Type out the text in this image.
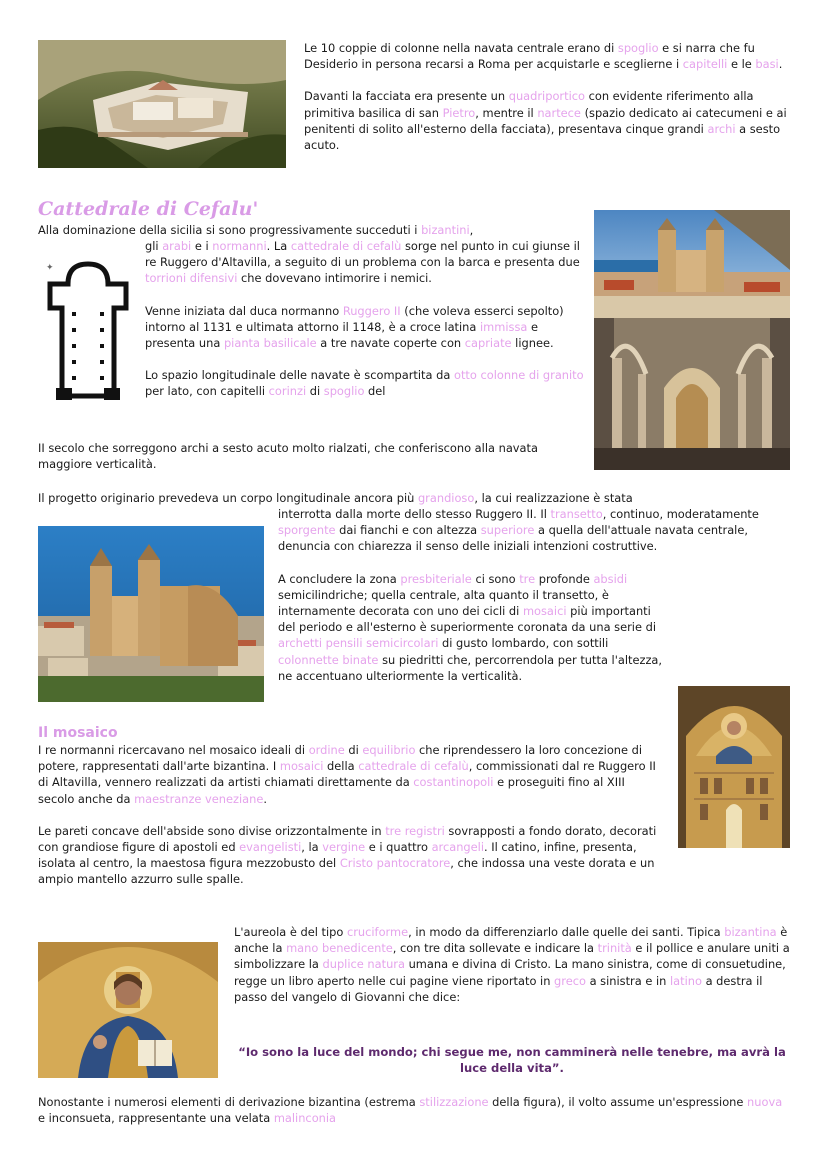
Le 10 coppie di colonne nella navata centrale erano di spoglio e si narra che fu Desiderio in persona recarsi a Roma per acquistarle e sceglierne i capitelli e le basi.

Davanti la facciata era presente un quadriportico con evidente riferimento alla primitiva basilica di san Pietro, mentre il nartece (spazio dedicato ai catecumeni e ai penitenti di solito all'esterno della facciata), presentava cinque grandi archi a sesto acuto.

Cattedrale di Cefalu'

Alla dominazione della sicilia si sono progressivamente succeduti i bizantini,

✦

gli arabi e i normanni. La cattedrale di cefalù sorge nel punto in cui giunse il re Ruggero d'Altavilla, a seguito di un problema con la barca e presenta due torrioni difensivi che dovevano intimorire i nemici.

Venne iniziata dal duca normanno Ruggero II (che voleva esserci sepolto) intorno al 1131 e ultimata attorno il 1148, è a croce latina immissa e presenta una pianta basilicale a tre navate coperte con capriate lignee.

Lo spazio longitudinale delle navate è scompartita da otto colonne di granito per lato, con capitelli corinzi di spoglio del

II secolo che sorreggono archi a sesto acuto molto rialzati, che conferiscono alla navata maggiore verticalità.

Il progetto originario prevedeva un corpo longitudinale ancora più grandioso, la cui realizzazione è stata

interrotta dalla morte dello stesso Ruggero II. Il transetto, continuo, moderatamente sporgente dai fianchi e con altezza superiore a quella dell'attuale navata centrale, denuncia con chiarezza il senso delle iniziali intenzioni costruttive.

A concludere la zona presbiteriale ci sono tre profonde absidi semicilindriche; quella centrale, alta quanto il transetto, è internamente decorata con uno dei cicli di mosaici più importanti del periodo e all'esterno è superiormente coronata da una serie di archetti pensili semicircolari di gusto lombardo, con sottili colonnette binate su piedritti che, percorrendola per tutta l'altezza, ne accentuano ulteriormente la verticalità.

Il mosaico

I re normanni ricercavano nel mosaico ideali di ordine di equilibrio che riprendessero la loro concezione di potere, rappresentati dall'arte bizantina. I mosaici della cattedrale di cefalù, commissionati dal re Ruggero II di Altavilla, vennero realizzati da artisti chiamati direttamente da costantinopoli e proseguiti fino al XIII secolo anche da maestranze veneziane.

Le pareti concave dell'abside sono divise orizzontalmente in tre registri sovrapposti a fondo dorato, decorati con grandiose figure di apostoli ed evangelisti, la vergine e i quattro arcangeli. Il catino, infine, presenta, isolata al centro, la maestosa figura mezzobusto del Cristo pantocratore, che indossa una veste dorata e un ampio mantello azzurro sulle spalle.

L'aureola è del tipo cruciforme, in modo da differenziarlo dalle quelle dei santi. Tipica bizantina è anche la mano benedicente, con tre dita sollevate e indicare la trinità e il pollice e anulare uniti a simbolizzare la duplice natura umana e divina di Cristo. La mano sinistra, come di consuetudine, regge un libro aperto nelle cui pagine viene riportato in greco a sinistra e in latino a destra il passo del vangelo di Giovanni che dice:

“Io sono la luce del mondo; chi segue me, non camminerà nelle tenebre, ma avrà la luce della vita”.

Nonostante i numerosi elementi di derivazione bizantina (estrema stilizzazione della figura), il volto assume un'espressione nuova e inconsueta, rappresentante una velata malinconia
